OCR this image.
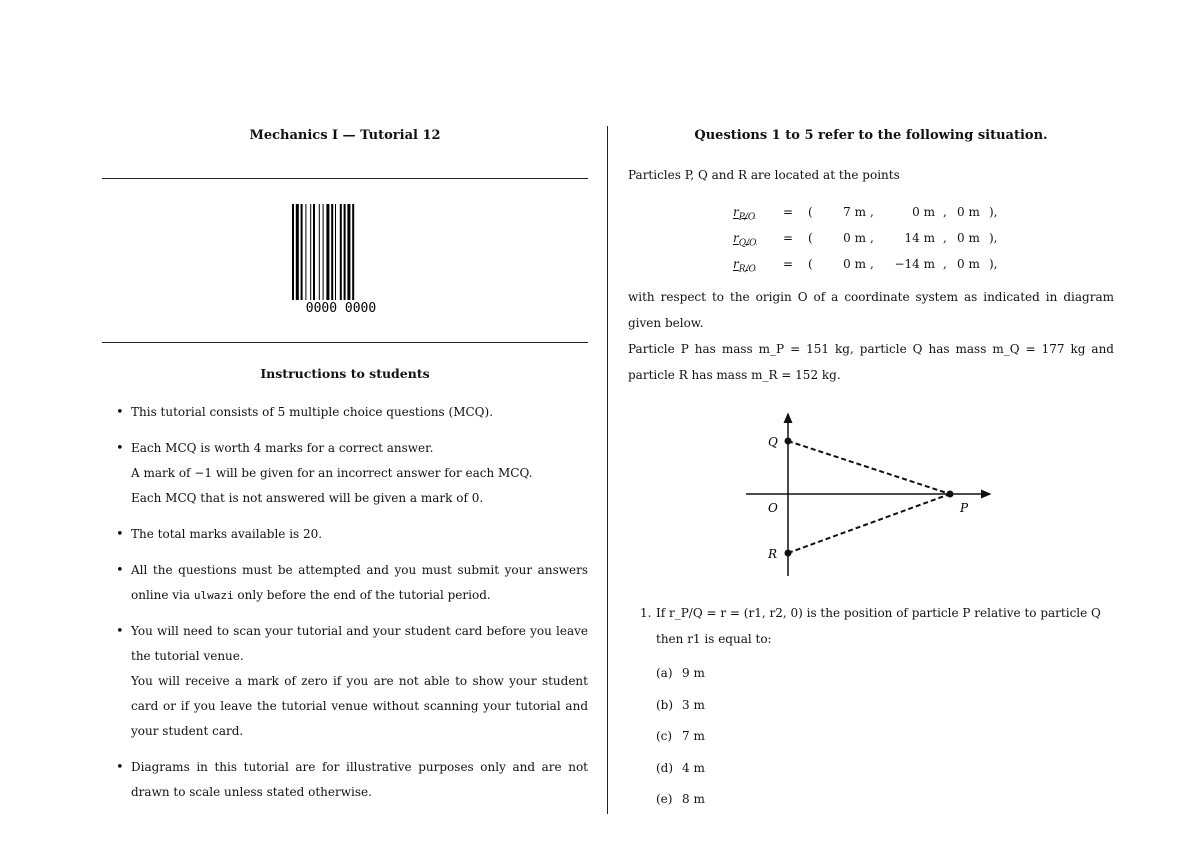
Mechanics I — Tutorial 12
0000 0000
Instructions to students

• This tutorial consists of 5 multiple choice questions (MCQ).

• Each MCQ is worth 4 marks for a correct answer.

A mark of −1 will be given for an incorrect answer for each MCQ.

Each MCQ that is not answered will be given a mark of 0.

• The total marks available is 20.

• All the questions must be attempted and you must submit your answers online via ulwazi only before the end of the tutorial period.

• You will need to scan your tutorial and your student card before you leave the tutorial venue.

You will receive a mark of zero if you are not able to show your student card or if you leave the tutorial venue without scanning your tutorial and your student card.

• Diagrams in this tutorial are for illustrative purposes only and are not drawn to scale unless stated otherwise.

Questions 1 to 5 refer to the following situation.
Particles P, Q and R are located at the points
$r_{P/O}$ = (	7 m ,	0 m , 0 m ),
$r_{Q/O}$ = (	0 m ,	14 m , 0 m ),
$r_{R/O}$ = (	0 m ,	−14 m , 0 m ),
with respect to the origin O of a coordinate system as indicated in diagram given below.
Particle P has mass m_P = 151 kg, particle Q has mass m_Q = 177 kg and particle R has mass m_R = 152 kg.
Q
O	P
R
1. If r_P/Q = r = (r1, r2, 0) is the position of particle P relative to particle Q then r1 is equal to:
(a) 9 m
(b) 3 m
(c) 7 m
(d) 4 m
(e) 8 m
